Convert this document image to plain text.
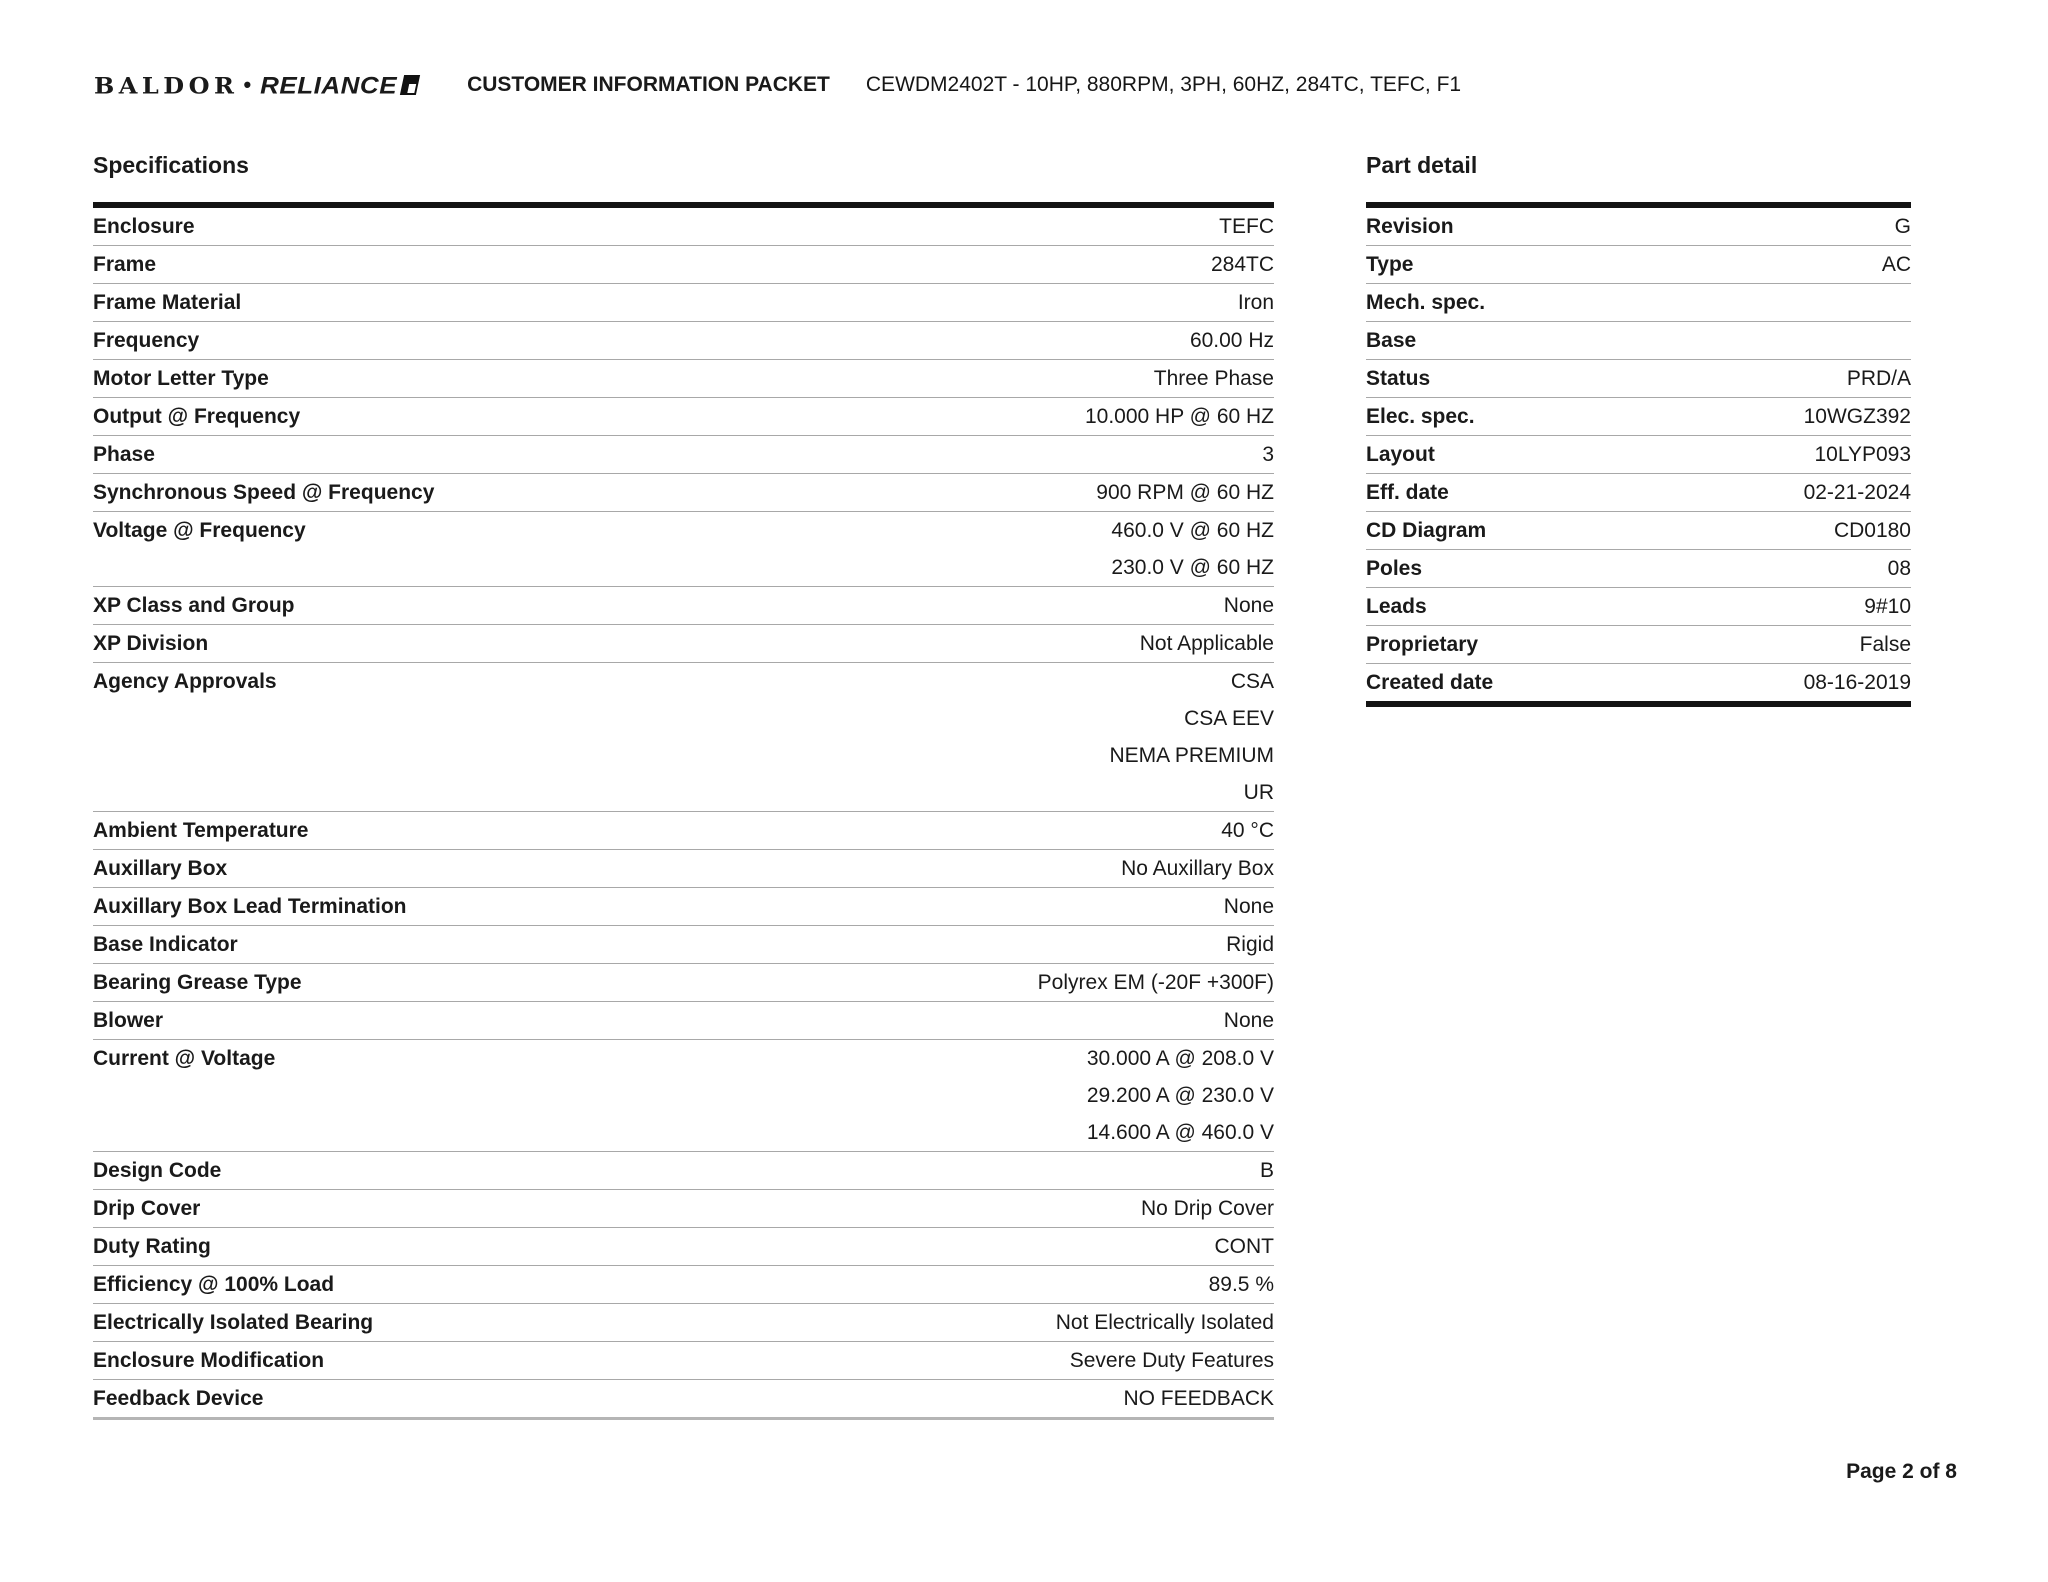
BALDOR • RELIANCE	CUSTOMER INFORMATION PACKET CEWDM2402T - 10HP, 880RPM, 3PH, 60HZ, 284TC, TEFC, F1
Specifications
Enclosure	TEFC
Frame	284TC
Frame Material	Iron
Frequency	60.00 Hz
Motor Letter Type	Three Phase
Output @ Frequency	10.000 HP @ 60 HZ
Phase	3
Synchronous Speed @ Frequency	900 RPM @ 60 HZ
Voltage @ Frequency	460.0 V @ 60 HZ
230.0 V @ 60 HZ
XP Class and Group	None
XP Division	Not Applicable
Agency Approvals	CSA
CSA EEV
NEMA PREMIUM
UR
Ambient Temperature	40 °C
Auxillary Box	No Auxillary Box
Auxillary Box Lead Termination	None
Base Indicator	Rigid
Bearing Grease Type	Polyrex EM (-20F +300F)
Blower	None
Current @ Voltage	30.000 A @ 208.0 V
29.200 A @ 230.0 V
14.600 A @ 460.0 V
Design Code	B
Drip Cover	No Drip Cover
Duty Rating	CONT
Efficiency @ 100% Load	89.5 %
Electrically Isolated Bearing	Not Electrically Isolated
Enclosure Modification	Severe Duty Features
Feedback Device	NO FEEDBACK
Part detail
Revision	G
Type	AC
Mech. spec.
Base
Status	PRD/A
Elec. spec.	10WGZ392
Layout	10LYP093
Eff. date	02-21-2024
CD Diagram	CD0180
Poles	08
Leads	9#10
Proprietary	False
Created date	08-16-2019
Page 2 of 8
